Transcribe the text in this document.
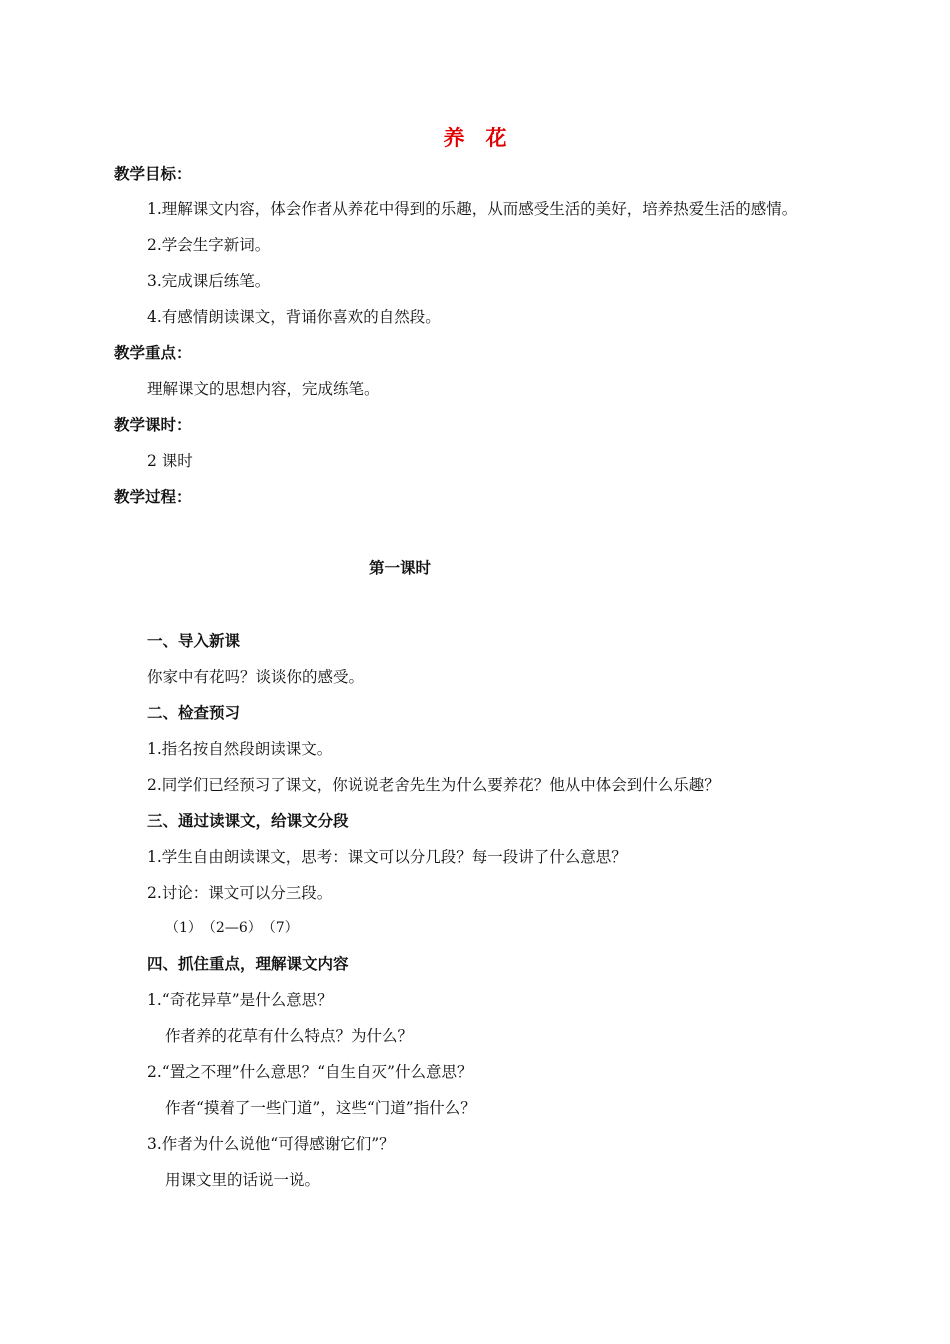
养　花
教学目标：
1.理解课文内容，体会作者从养花中得到的乐趣，从而感受生活的美好，培养热爱生活的感情。
2.学会生字新词。
3.完成课后练笔。
4.有感情朗读课文，背诵你喜欢的自然段。
教学重点：
理解课文的思想内容，完成练笔。
教学课时：
2 课时
教学过程：
第一课时
一、导入新课
你家中有花吗？谈谈你的感受。
二、检查预习
1.指名按自然段朗读课文。
2.同学们已经预习了课文，你说说老舍先生为什么要养花？他从中体会到什么乐趣？
三、通过读课文，给课文分段
1.学生自由朗读课文，思考：课文可以分几段？每一段讲了什么意思？
2.讨论：课文可以分三段。
（1）　（2—6）　（7）
四、抓住重点，理解课文内容
1.“奇花异草”是什么意思？
作者养的花草有什么特点？为什么？
2.“置之不理”什么意思？“自生自灭”什么意思？
作者“摸着了一些门道”，这些“门道”指什么？
3.作者为什么说他“可得感谢它们”？
用课文里的话说一说。
